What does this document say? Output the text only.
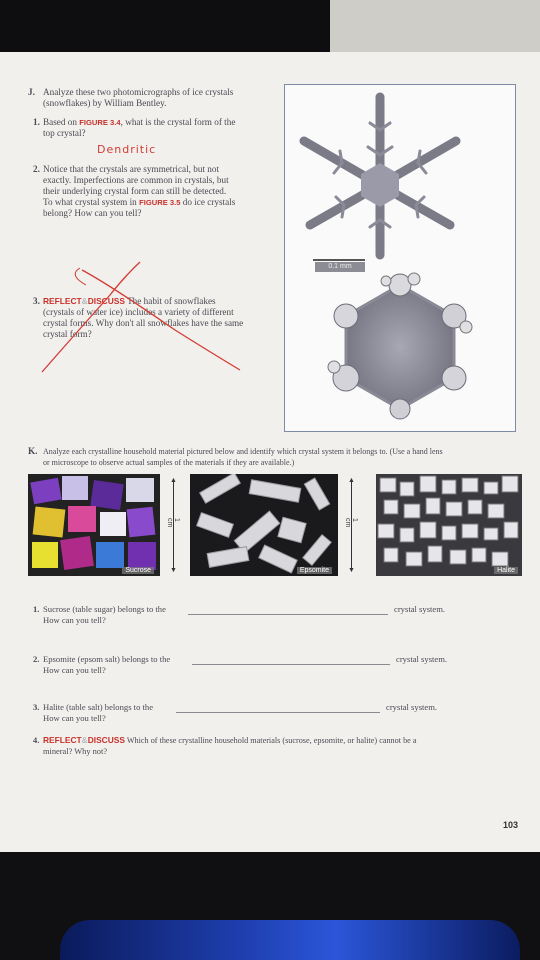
J. Analyze these two photomicrographs of ice crystals
(snowflakes) by William Bentley.
1. Based on FIGURE 3.4, what is the crystal form of the
top crystal?
Dendritic
2. Notice that the crystals are symmetrical, but not
exactly. Imperfections are common in crystals, but
their underlying crystal form can still be detected.
To what crystal system in FIGURE 3.5 do ice crystals
belong? How can you tell?
3. REFLECT&DISCUSS The habit of snowflakes
(crystals of water ice) includes a variety of different
crystal forms. Why don't all snowflakes have the same
crystal form?
0.1 mm
K. Analyze each crystalline household material pictured below and identify which crystal system it belongs to. (Use a hand lens
or microscope to observe actual samples of the materials if they are available.)
Sucrose
▲
▼
1 cm
Epsomite
▲
▼
1 cm
Halite
1. Sucrose (table sugar) belongs to the	crystal system.
How can you tell?
2. Epsomite (epsom salt) belongs to the	crystal system.
How can you tell?
3. Halite (table salt) belongs to the	crystal system.
How can you tell?
4. REFLECT&DISCUSS Which of these crystalline household materials (sucrose, epsomite, or halite) cannot be a
mineral? Why not?
103
